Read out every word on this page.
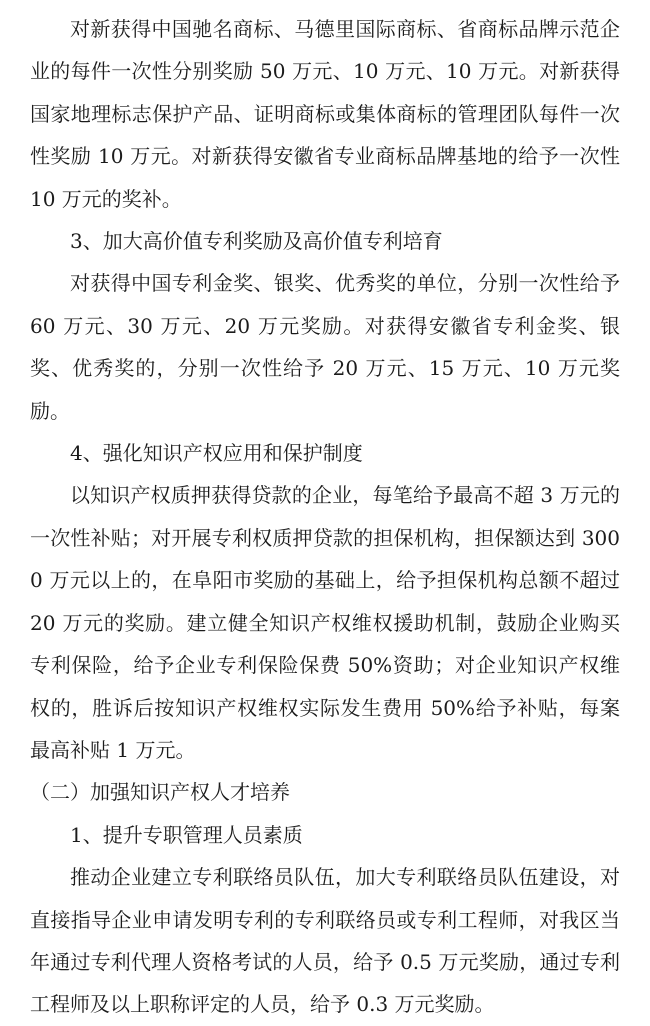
对新获得中国驰名商标、马德里国际商标、省商标品牌示范企业的每件一次性分别奖励 50 万元、10 万元、10 万元。对新获得国家地理标志保护产品、证明商标或集体商标的管理团队每件一次性奖励 10 万元。对新获得安徽省专业商标品牌基地的给予一次性 10 万元的奖补。

3、加大高价值专利奖励及高价值专利培育

对获得中国专利金奖、银奖、优秀奖的单位，分别一次性给予 60 万元、30 万元、20 万元奖励。对获得安徽省专利金奖、银奖、优秀奖的，分别一次性给予 20 万元、15 万元、10 万元奖励。

4、强化知识产权应用和保护制度

以知识产权质押获得贷款的企业，每笔给予最高不超 3 万元的一次性补贴；对开展专利权质押贷款的担保机构，担保额达到 3000 万元以上的，在阜阳市奖励的基础上，给予担保机构总额不超过 20 万元的奖励。建立健全知识产权维权援助机制，鼓励企业购买专利保险，给予企业专利保险保费 50%资助；对企业知识产权维权的，胜诉后按知识产权维权实际发生费用 50%给予补贴，每案最高补贴 1 万元。

（二）加强知识产权人才培养

1、提升专职管理人员素质

推动企业建立专利联络员队伍，加大专利联络员队伍建设，对直接指导企业申请发明专利的专利联络员或专利工程师，对我区当年通过专利代理人资格考试的人员，给予 0.5 万元奖励，通过专利工程师及以上职称评定的人员，给予 0.3 万元奖励。
